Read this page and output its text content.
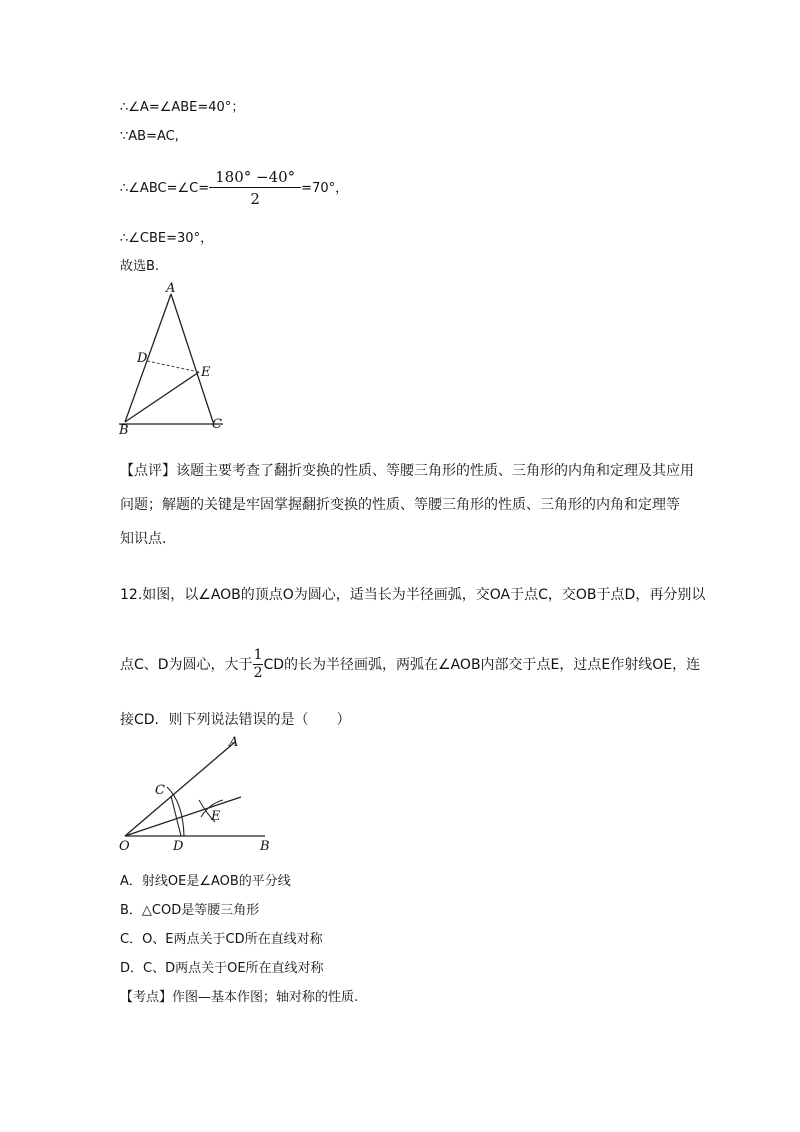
∴∠A=∠ABE=40°；
∵AB=AC,
∴∠ABC=∠C= $\frac{180^\circ -40^\circ}{2} =70^\circ$，
∴∠CBE=30°，
故选B.
A
D
E
B	C
【点评】该题主要考查了翻折变换的性质、等腰三角形的性质、三角形的内角和定理及其应用
问题；解题的关键是牢固掌握翻折变换的性质、等腰三角形的性质、三角形的内角和定理等
知识点.
12.如图，以∠AOB的顶点O为圆心，适当长为半径画弧，交OA于点C，交OB于点D，再分别以
点C、D为圆心，大于 $\frac{1}{2}$ CD的长为半径画弧，两弧在∠AOB内部交于点E，过点E作射线OE，连
接CD．则下列说法错误的是（　　）
A
C
E
O	D	B
A．射线OE是∠AOB的平分线
B．△COD是等腰三角形
C．O、E两点关于CD所在直线对称
D．C、D两点关于OE所在直线对称
【考点】作图—基本作图；轴对称的性质.
